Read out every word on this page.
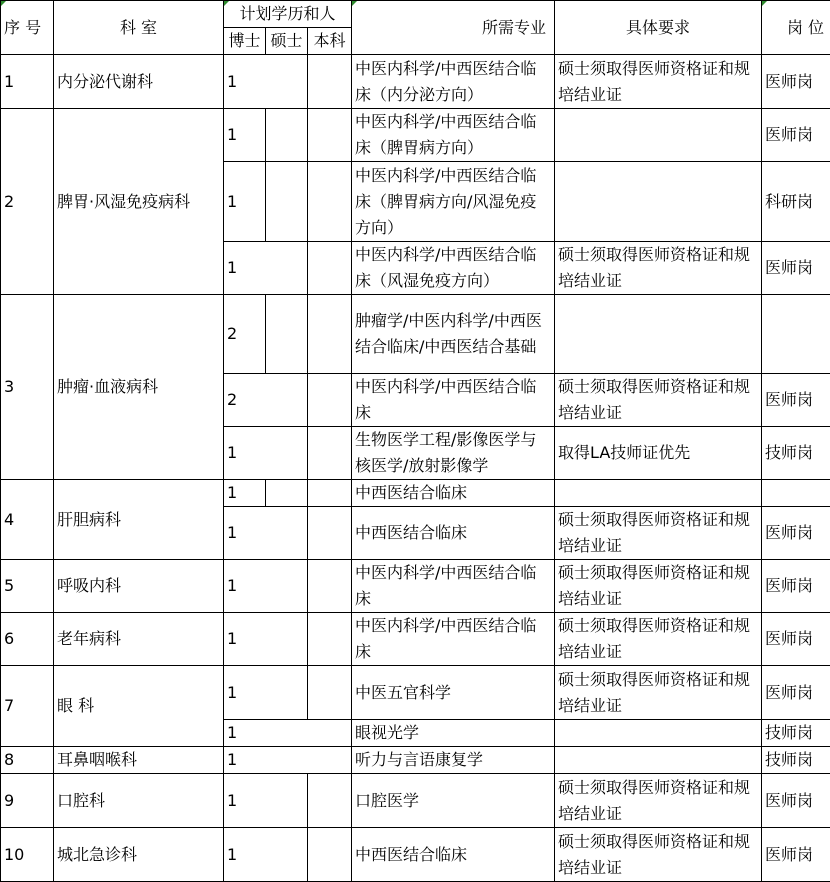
序 号	科 室	计划学历和人			所需专业	具体要求	岗 位
		博士	硕士	本科			
1	内分泌代谢科	1			中医内科学/中西医结合临床（内分泌方向）	硕士须取得医师资格证和规培结业证	医师岗
2	脾胃·风湿免疫病科	1			中医内科学/中西医结合临床（脾胃病方向）		医师岗
		1			中医内科学/中西医结合临床（脾胃病方向/风湿免疫方向）		科研岗
		1			中医内科学/中西医结合临床（风湿免疫方向）	硕士须取得医师资格证和规培结业证	医师岗
3	肿瘤·血液病科	2			肿瘤学/中医内科学/中西医结合临床/中西医结合基础		
		2			中医内科学/中西医结合临床	硕士须取得医师资格证和规培结业证	医师岗
		1			生物医学工程/影像医学与核医学/放射影像学	取得LA技师证优先	技师岗
4	肝胆病科	1			中西医结合临床		
		1			中西医结合临床	硕士须取得医师资格证和规培结业证	医师岗
5	呼吸内科	1			中医内科学/中西医结合临床	硕士须取得医师资格证和规培结业证	医师岗
6	老年病科	1			中医内科学/中西医结合临床	硕士须取得医师资格证和规培结业证	医师岗
7	眼 科	1			中医五官科学	硕士须取得医师资格证和规培结业证	医师岗
		1			眼视光学		技师岗
8	耳鼻咽喉科	1			听力与言语康复学		技师岗
9	口腔科	1			口腔医学	硕士须取得医师资格证和规培结业证	医师岗
10	城北急诊科	1			中西医结合临床	硕士须取得医师资格证和规培结业证	医师岗
